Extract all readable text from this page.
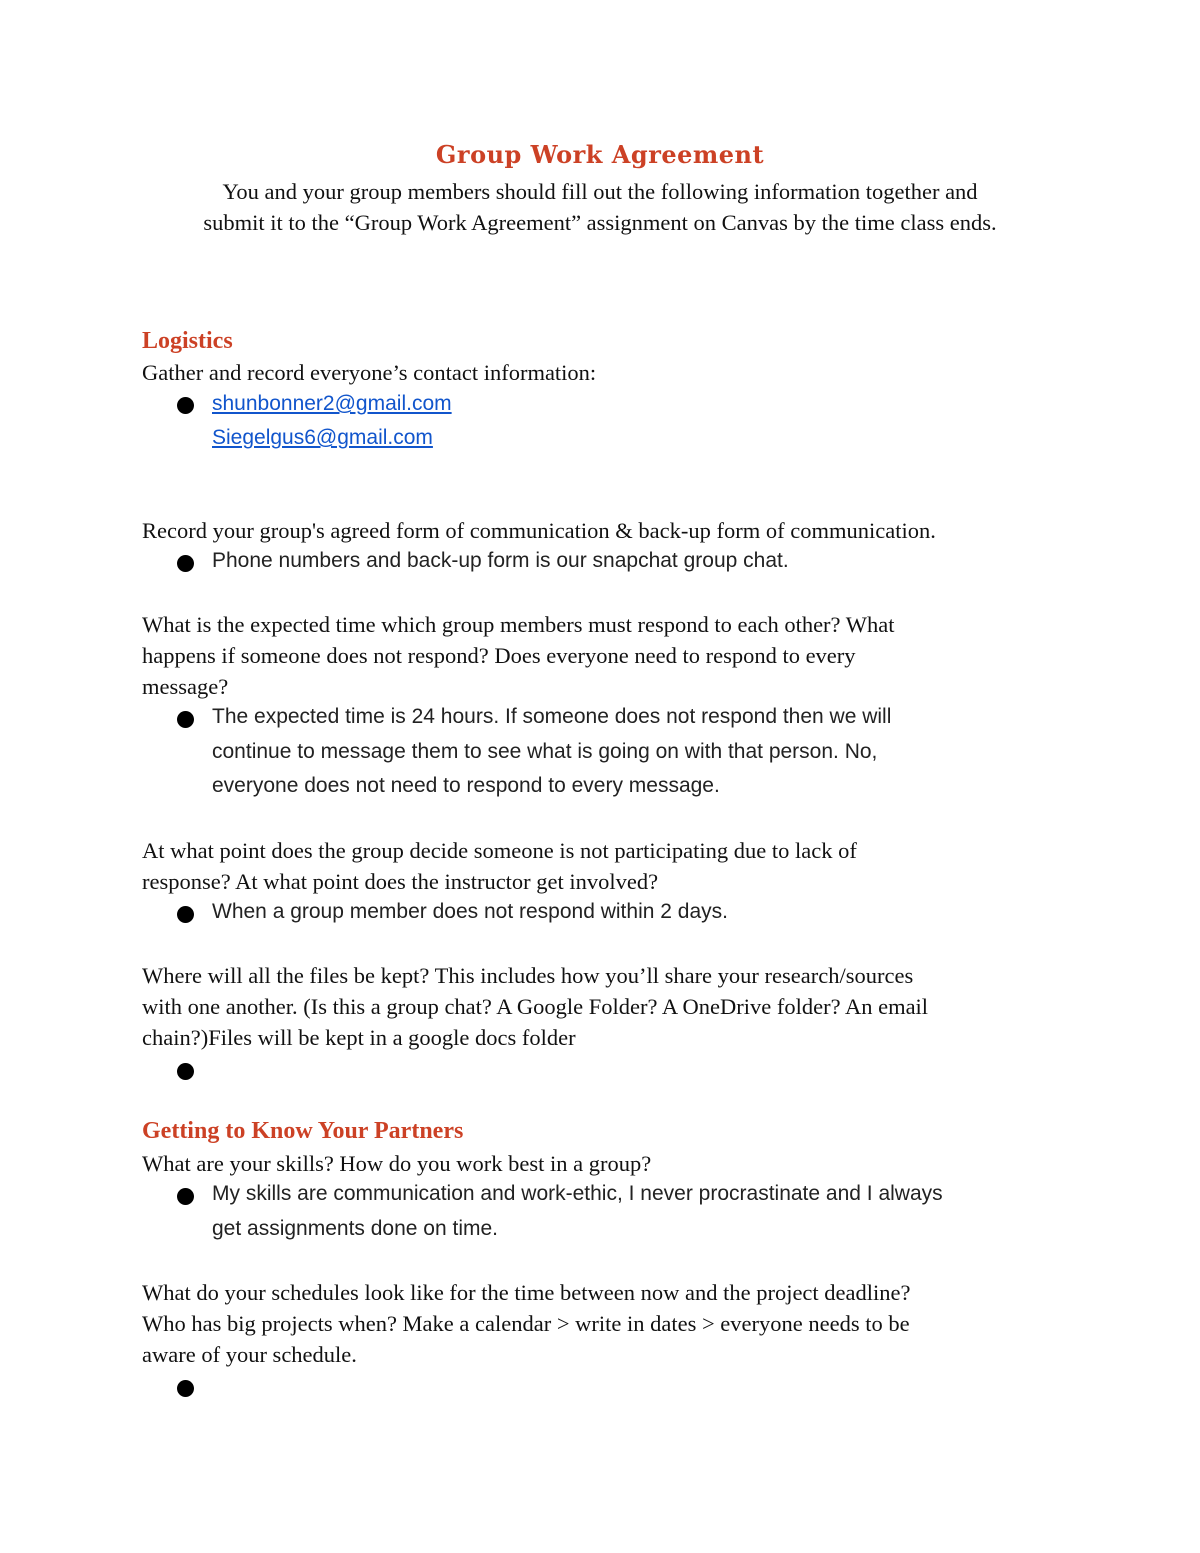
Group Work Agreement
You and your group members should fill out the following information together and
submit it to the “Group Work Agreement” assignment on Canvas by the time class ends.
Logistics
Gather and record everyone’s contact information:
shunbonner2@gmail.com
Siegelgus6@gmail.com
Record your group's agreed form of communication & back-up form of communication.
Phone numbers and back-up form is our snapchat group chat.
What is the expected time which group members must respond to each other? What
happens if someone does not respond? Does everyone need to respond to every
message?
The expected time is 24 hours. If someone does not respond then we will
continue to message them to see what is going on with that person. No,
everyone does not need to respond to every message.
At what point does the group decide someone is not participating due to lack of
response? At what point does the instructor get involved?
When a group member does not respond within 2 days.
Where will all the files be kept? This includes how you’ll share your research/sources
with one another. (Is this a group chat? A Google Folder? A OneDrive folder? An email
chain?)Files will be kept in a google docs folder
Getting to Know Your Partners
What are your skills? How do you work best in a group?
My skills are communication and work-ethic, I never procrastinate and I always
get assignments done on time.
What do your schedules look like for the time between now and the project deadline?
Who has big projects when? Make a calendar > write in dates > everyone needs to be
aware of your schedule.
